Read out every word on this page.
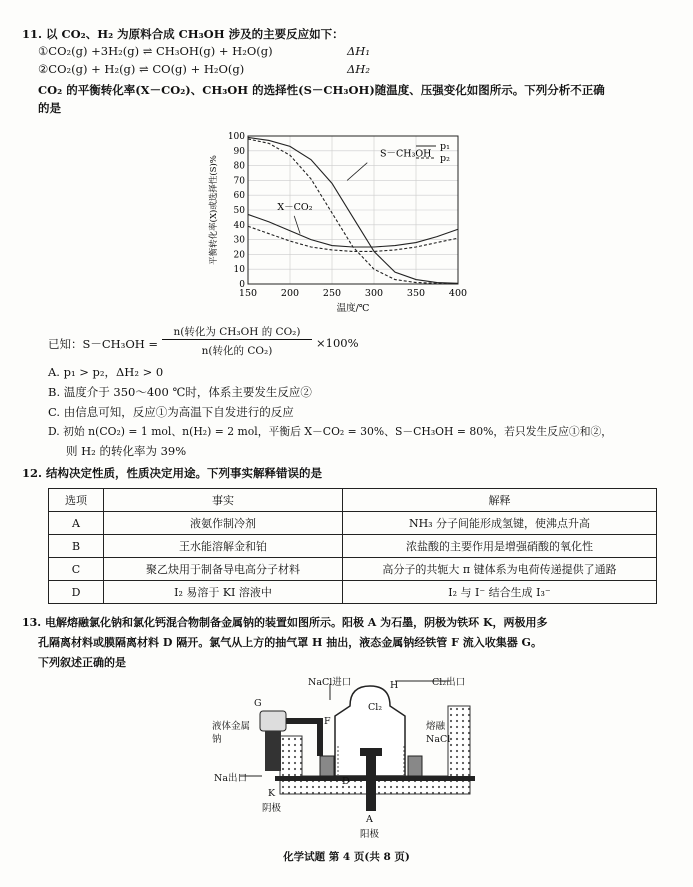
11. 以 CO₂、H₂ 为原料合成 CH₃OH 涉及的主要反应如下：
①CO₂(g) +3H₂(g) ⇌ CH₃OH(g) + H₂O(g)	ΔH₁
②CO₂(g) + H₂(g) ⇌ CO(g) + H₂O(g)	ΔH₂
CO₂ 的平衡转化率(X－CO₂)、CH₃OH 的选择性(S－CH₃OH)随温度、压强变化如图所示。下列分析不正确
的是
150	200	250	300	350	400
0
10
20
30
40
50
60
70
80
90
100
温度/℃
平衡转化率(X)或选择性(S)%
S－CH₃OH
X－CO₂
p₁
p₂
已知：S－CH₃OH =
n(转化为 CH₃OH 的 CO₂)
n(转化的 CO₂)
×100%
A. p₁ > p₂，ΔH₂ > 0
B. 温度介于 350～400 ℃时，体系主要发生反应②
C. 由信息可知，反应①为高温下自发进行的反应
D. 初始 n(CO₂) = 1 mol、n(H₂) = 2 mol，平衡后 X－CO₂ = 30%、S－CH₃OH = 80%，若只发生反应①和②，
则 H₂ 的转化率为 39%
12. 结构决定性质，性质决定用途。下列事实解释错误的是
选项	事实	解释
A	液氨作制冷剂	NH₃ 分子间能形成氢键，使沸点升高
B	王水能溶解金和铂	浓盐酸的主要作用是增强硝酸的氧化性
C	聚乙炔用于制备导电高分子材料	高分子的共轭大 π 键体系为电荷传递提供了通路
D	I₂ 易溶于 KI 溶液中	I₂ 与 I⁻ 结合生成 I₃⁻
13. 电解熔融氯化钠和氯化钙混合物制备金属钠的装置如图所示。阳极 A 为石墨，阴极为铁环 K，两极用多
孔隔离材料或膜隔离材料 D 隔开。氯气从上方的抽气罩 H 抽出，液态金属钠经铁管 F 流入收集器 G。
下列叙述正确的是
NaCl进口	H	Cl₂出口
Cl₂
G
F
液体金属钠
熔融NaCl
Na出口	D
K
阴极
A
阳极
化学试题 第 4 页(共 8 页)
